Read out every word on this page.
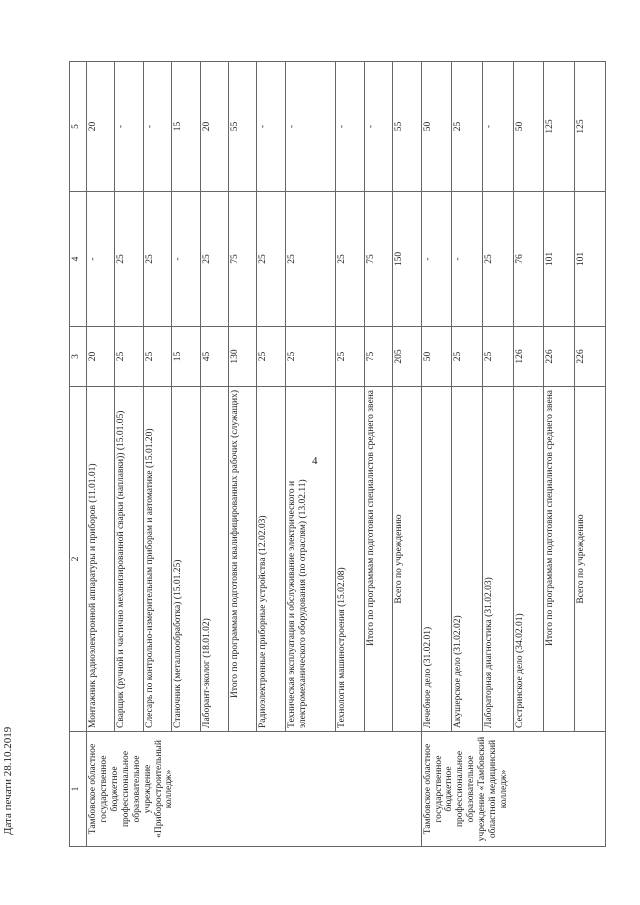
4
Дата печати 28.10.2019	1	2	3	4	5
Тамбовское областное государственное бюджетное профессиональное образовательное учреждение «Приборостроительный колледж»	Монтажник радиоэлектронной аппаратуры и приборов (11.01.01)	20	-	20
	Сварщик (ручной и частично механизированной сварки (наплавки)) (15.01.05)	25	25	-
	Слесарь по контрольно-измерительным приборам и автоматике (15.01.20)	25	25	-
	Станочник (металлообработка) (15.01.25)	15	-	15
	Лаборант-эколог (18.01.02)	45	25	20
	Итого по программам подготовки квалифицированных рабочих (служащих)	130	75	55
	Радиоэлектронные приборные устройства (12.02.03)	25	25	-
	Техническая эксплуатация и обслуживание электрического и электромеханического оборудования (по отраслям) (13.02.11)	25	25	-
	Технология машиностроения (15.02.08)	25	25	-
	Итого по программам подготовки специалистов среднего звена	75	75	-
	Всего по учреждению	205	150	55
Тамбовское областное государственное бюджетное профессиональное образовательное учреждение «Тамбовский областной медицинский колледж»	Лечебное дело (31.02.01)	50	-	50
	Акушерское дело (31.02.02)	25	-	25
	Лабораторная диагностика (31.02.03)	25	25	-
	Сестринское дело (34.02.01)	126	76	50
	Итого по программам подготовки специалистов среднего звена	226	101	125
	Всего по учреждению	226	101	125
